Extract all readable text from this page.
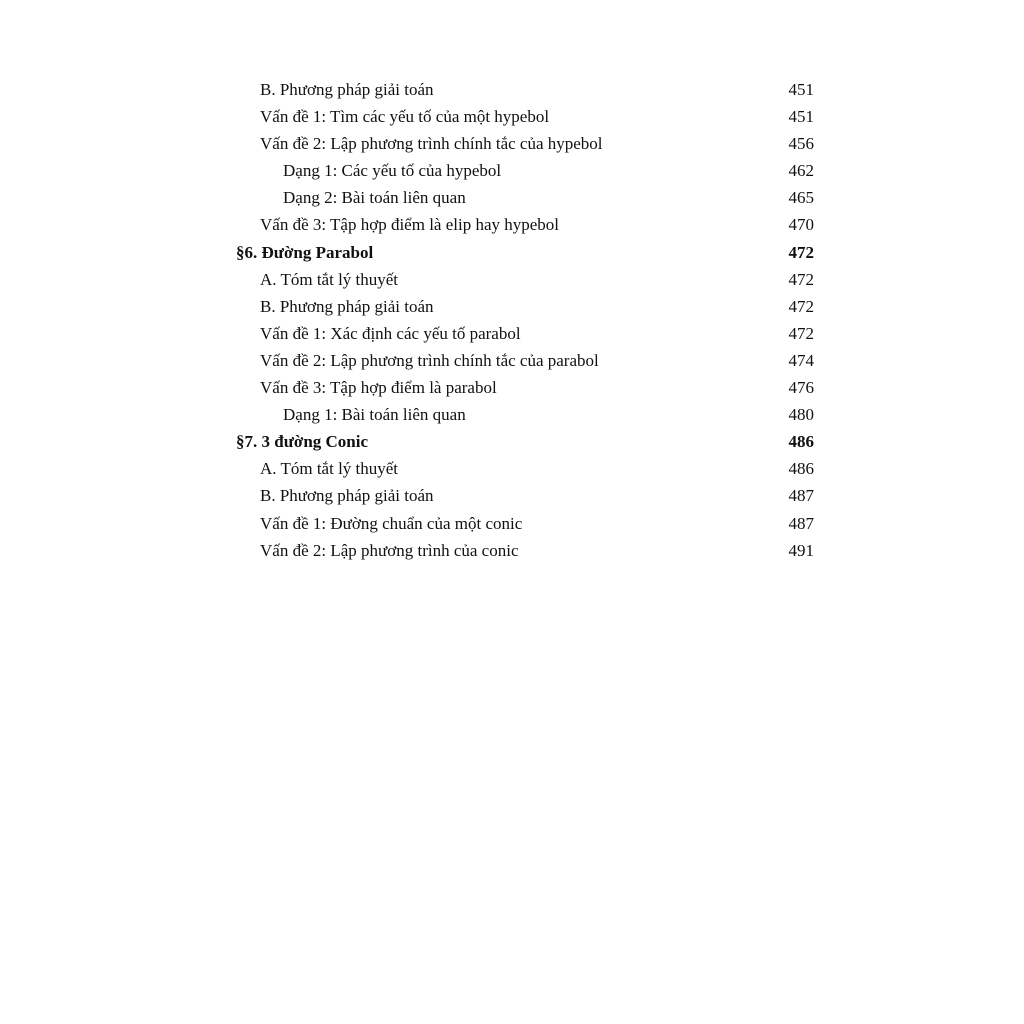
B. Phương pháp giải toán .....	451
Vấn đề 1: Tìm các yếu tố của một hypebol .....	451
Vấn đề 2: Lập phương trình chính tắc của hypebol .....	456
Dạng 1: Các yếu tố của hypebol .....	462
Dạng 2: Bài toán liên quan .....	465
Vấn đề 3: Tập hợp điểm là elip hay hypebol .....	470
§6. Đường Parabol .....	472
A. Tóm tắt lý thuyết .....	472
B. Phương pháp giải toán .....	472
Vấn đề 1: Xác định các yếu tố parabol .....	472
Vấn đề 2: Lập phương trình chính tắc của parabol .....	474
Vấn đề 3: Tập hợp điểm là parabol .....	476
Dạng 1: Bài toán liên quan .....	480
§7. 3 đường Conic .....	486
A. Tóm tắt lý thuyết .....	486
B. Phương pháp giải toán .....	487
Vấn đề 1: Đường chuẩn của một conic .....	487
Vấn đề 2: Lập phương trình của conic .....	491
